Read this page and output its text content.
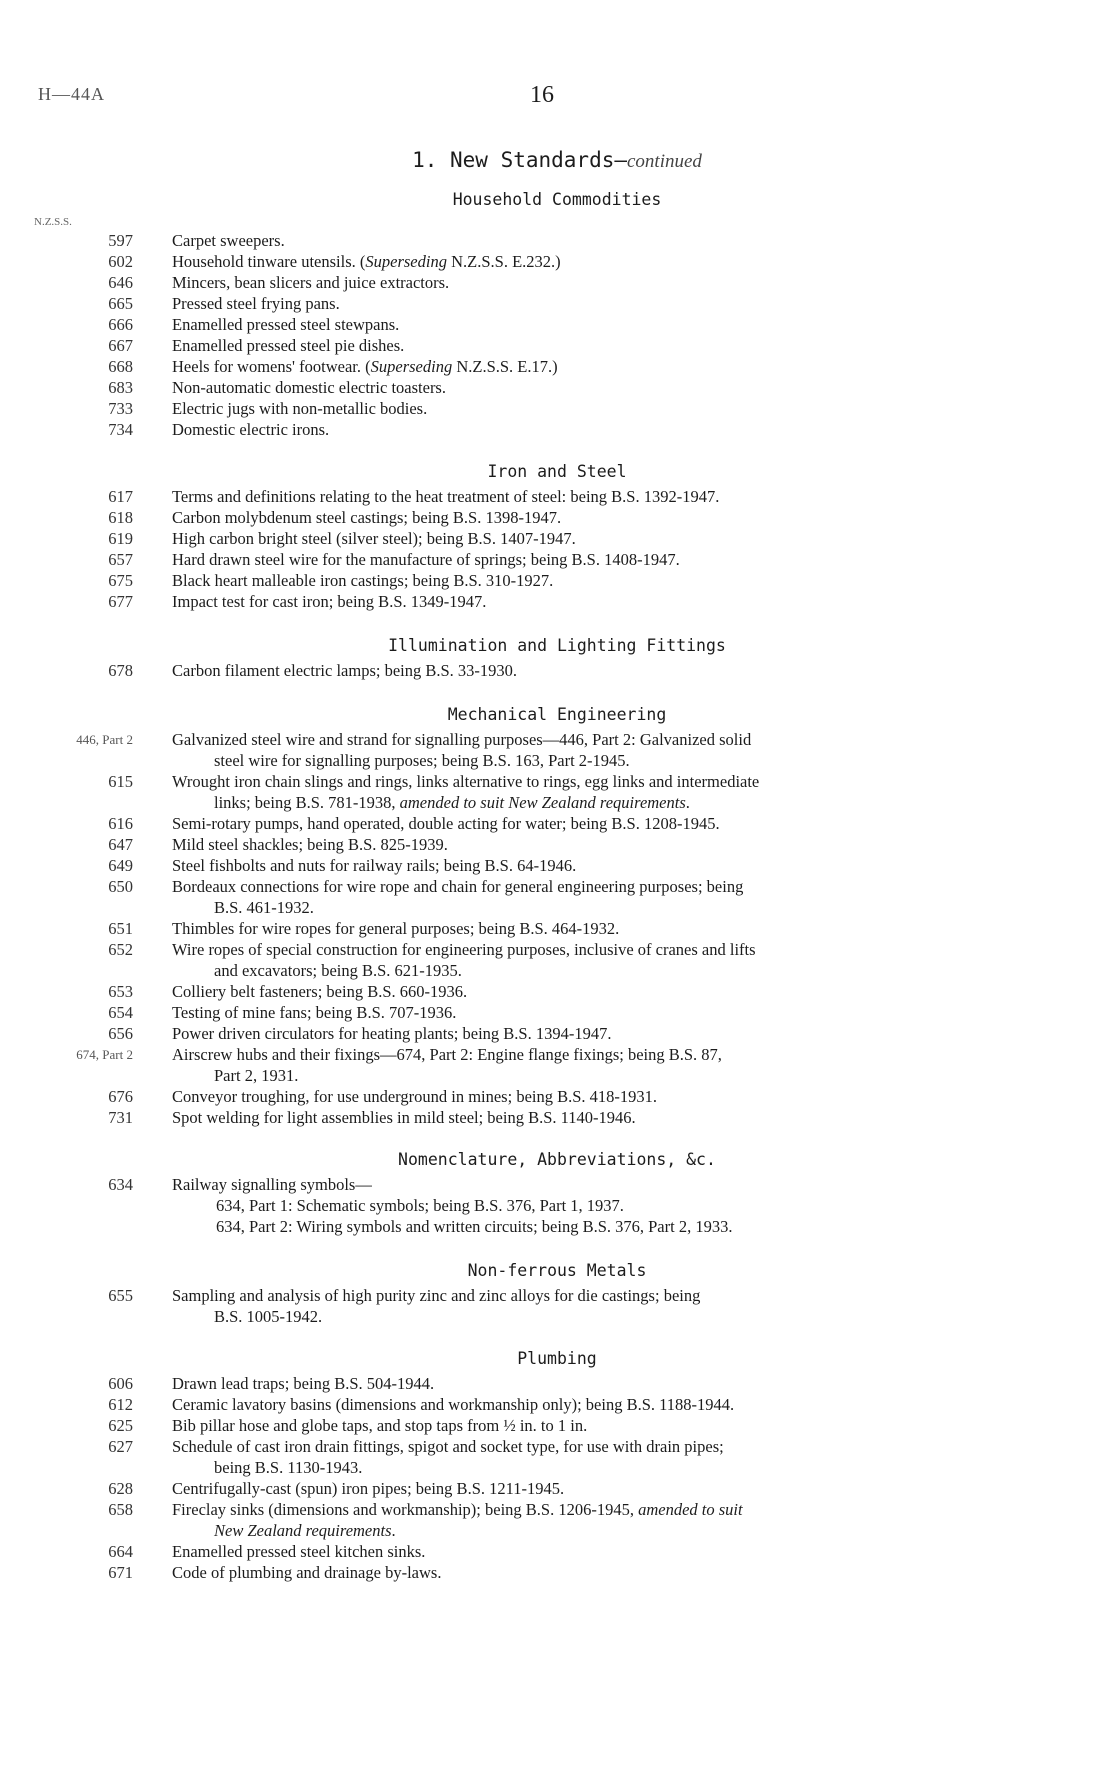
H—44A	16
1. New Standards—continued
Household Commodities
N.Z.S.S.
597 Carpet sweepers.
602 Household tinware utensils. (Superseding N.Z.S.S. E.232.)
646 Mincers, bean slicers and juice extractors.
665 Pressed steel frying pans.
666 Enamelled pressed steel stewpans.
667 Enamelled pressed steel pie dishes.
668 Heels for womens' footwear. (Superseding N.Z.S.S. E.17.)
683 Non-automatic domestic electric toasters.
733 Electric jugs with non-metallic bodies.
734 Domestic electric irons.
Iron and Steel
617 Terms and definitions relating to the heat treatment of steel: being B.S. 1392-1947.
618 Carbon molybdenum steel castings; being B.S. 1398-1947.
619 High carbon bright steel (silver steel); being B.S. 1407-1947.
657 Hard drawn steel wire for the manufacture of springs; being B.S. 1408-1947.
675 Black heart malleable iron castings; being B.S. 310-1927.
677 Impact test for cast iron; being B.S. 1349-1947.
Illumination and Lighting Fittings
678 Carbon filament electric lamps; being B.S. 33-1930.
Mechanical Engineering
446, Part 2 Galvanized steel wire and strand for signalling purposes—446, Part 2: Galvanized solid
steel wire for signalling purposes; being B.S. 163, Part 2-1945.
615 Wrought iron chain slings and rings, links alternative to rings, egg links and intermediate
links; being B.S. 781-1938, amended to suit New Zealand requirements.
616 Semi-rotary pumps, hand operated, double acting for water; being B.S. 1208-1945.
647 Mild steel shackles; being B.S. 825-1939.
649 Steel fishbolts and nuts for railway rails; being B.S. 64-1946.
650 Bordeaux connections for wire rope and chain for general engineering purposes; being
B.S. 461-1932.
651 Thimbles for wire ropes for general purposes; being B.S. 464-1932.
652 Wire ropes of special construction for engineering purposes, inclusive of cranes and lifts
and excavators; being B.S. 621-1935.
653 Colliery belt fasteners; being B.S. 660-1936.
654 Testing of mine fans; being B.S. 707-1936.
656 Power driven circulators for heating plants; being B.S. 1394-1947.
674, Part 2 Airscrew hubs and their fixings—674, Part 2: Engine flange fixings; being B.S. 87,
Part 2, 1931.
676 Conveyor troughing, for use underground in mines; being B.S. 418-1931.
731 Spot welding for light assemblies in mild steel; being B.S. 1140-1946.
Nomenclature, Abbreviations, &c.
634 Railway signalling symbols—
634, Part 1: Schematic symbols; being B.S. 376, Part 1, 1937.
634, Part 2: Wiring symbols and written circuits; being B.S. 376, Part 2, 1933.
Non-ferrous Metals
655 Sampling and analysis of high purity zinc and zinc alloys for die castings; being
B.S. 1005-1942.
Plumbing
606 Drawn lead traps; being B.S. 504-1944.
612 Ceramic lavatory basins (dimensions and workmanship only); being B.S. 1188-1944.
625 Bib pillar hose and globe taps, and stop taps from ½ in. to 1 in.
627 Schedule of cast iron drain fittings, spigot and socket type, for use with drain pipes;
being B.S. 1130-1943.
628 Centrifugally-cast (spun) iron pipes; being B.S. 1211-1945.
658 Fireclay sinks (dimensions and workmanship); being B.S. 1206-1945, amended to suit
New Zealand requirements.
664 Enamelled pressed steel kitchen sinks.
671 Code of plumbing and drainage by-laws.
